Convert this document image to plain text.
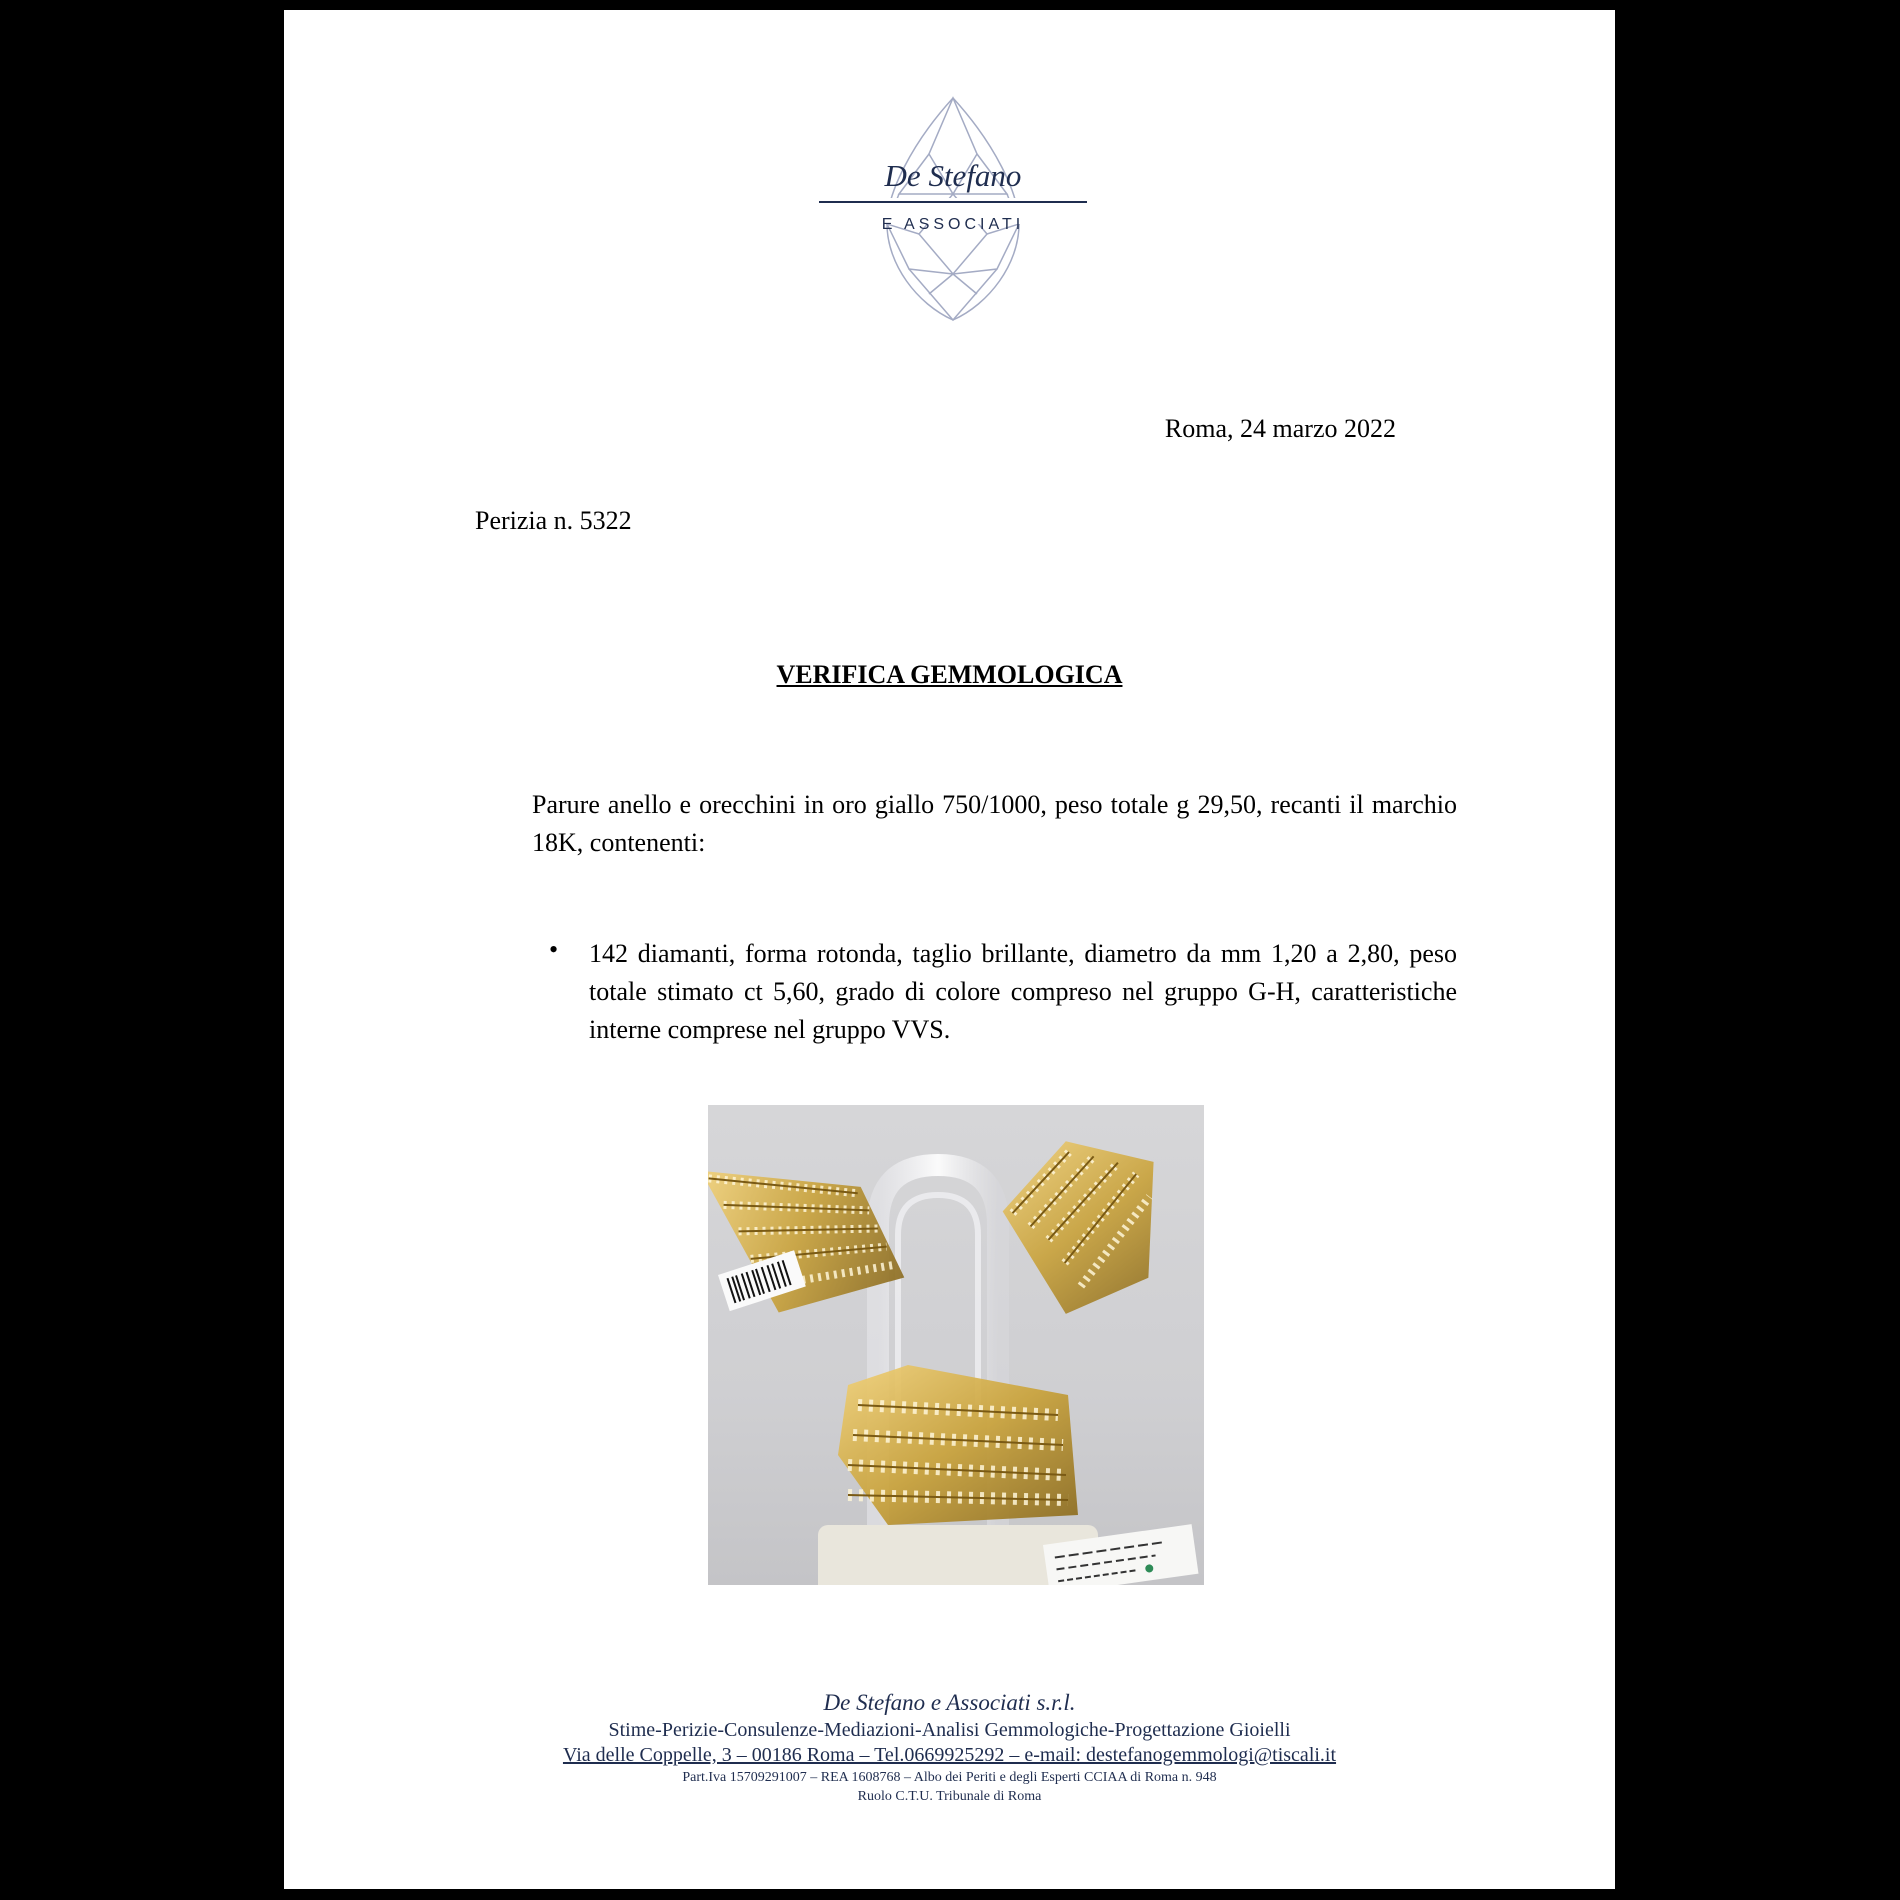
De Stefano
E ASSOCIATI
Roma, 24 marzo 2022
Perizia n. 5322
VERIFICA GEMMOLOGICA

Parure anello e orecchini in oro giallo 750/1000, peso totale g 29,50, recanti il marchio 18K, contenenti:

• 142 diamanti, forma rotonda, taglio brillante, diametro da mm 1,20 a 2,80, peso totale stimato ct 5,60, grado di colore compreso nel gruppo G-H, caratteristiche interne comprese nel gruppo VVS.

De Stefano e Associati s.r.l.
Stime-Perizie-Consulenze-Mediazioni-Analisi Gemmologiche-Progettazione Gioielli
Via delle Coppelle, 3 – 00186 Roma – Tel.0669925292 – e-mail: destefanogemmologi@tiscali.it
Part.Iva 15709291007 – REA 1608768 – Albo dei Periti e degli Esperti CCIAA di Roma n. 948
Ruolo C.T.U. Tribunale di Roma
